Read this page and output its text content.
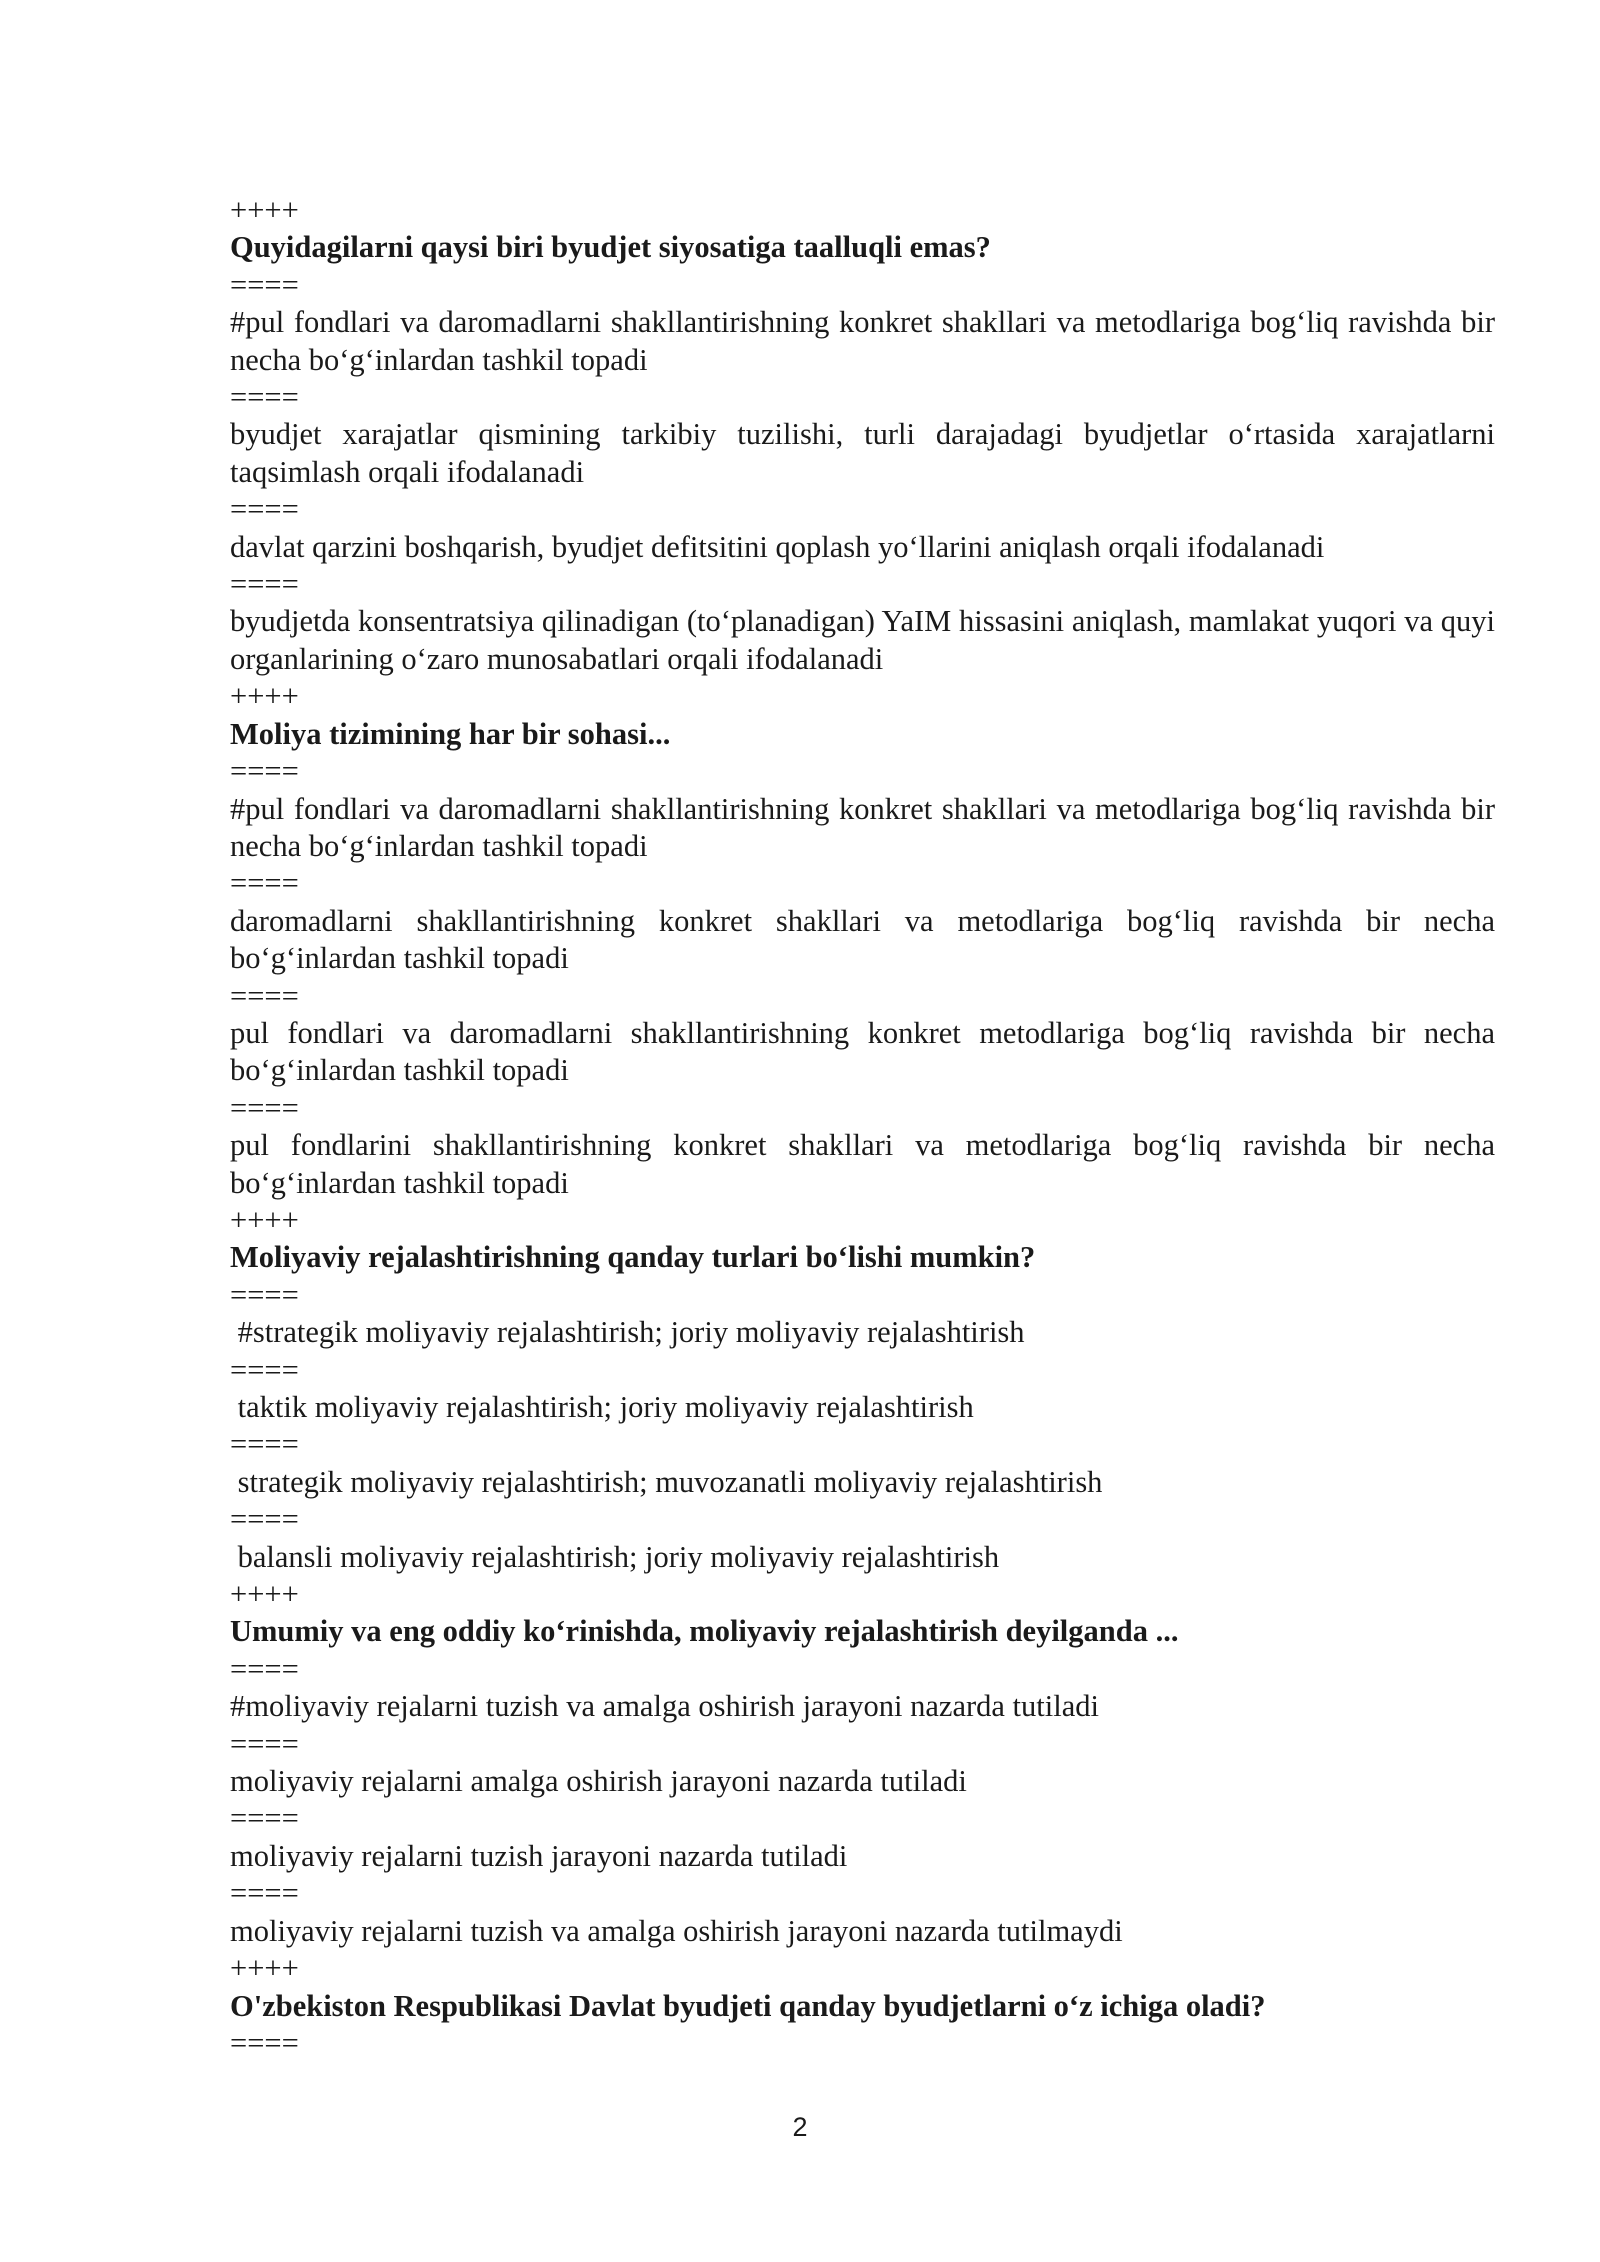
++++
Quyidagilarni qaysi biri byudjet siyosatiga taalluqli emas?
====
#pul fondlari va daromadlarni shakllantirishning konkret shakllari va metodlariga bog‘liq ravishda bir necha bo‘g‘inlardan tashkil topadi
====
byudjet xarajatlar qismining tarkibiy tuzilishi, turli darajadagi byudjetlar o‘rtasida xarajatlarni taqsimlash orqali ifodalanadi
====
davlat qarzini boshqarish, byudjet defitsitini qoplash yo‘llarini aniqlash orqali ifodalanadi
====
byudjetda konsentratsiya qilinadigan (to‘planadigan) YaIM hissasini aniqlash, mamlakat yuqori va quyi organlarining o‘zaro munosabatlari orqali ifodalanadi
++++
Moliya tizimining har bir sohasi...
====
#pul fondlari va daromadlarni shakllantirishning konkret shakllari va metodlariga bog‘liq ravishda bir necha bo‘g‘inlardan tashkil topadi
====
daromadlarni shakllantirishning konkret shakllari va metodlariga bog‘liq ravishda bir necha bo‘g‘inlardan tashkil topadi
====
pul fondlari va daromadlarni shakllantirishning konkret metodlariga bog‘liq ravishda bir necha bo‘g‘inlardan tashkil topadi
====
pul fondlarini shakllantirishning konkret shakllari va metodlariga bog‘liq ravishda bir necha bo‘g‘inlardan tashkil topadi
++++
Moliyaviy rejalashtirishning qanday turlari bo‘lishi mumkin?
====
#strategik moliyaviy rejalashtirish; joriy moliyaviy rejalashtirish
====
taktik moliyaviy rejalashtirish; joriy moliyaviy rejalashtirish
====
strategik moliyaviy rejalashtirish; muvozanatli moliyaviy rejalashtirish
====
balansli moliyaviy rejalashtirish; joriy moliyaviy rejalashtirish
++++
Umumiy va eng oddiy ko‘rinishda, moliyaviy rejalashtirish deyilganda ...
====
#moliyaviy rejalarni tuzish va amalga oshirish jarayoni nazarda tutiladi
====
moliyaviy rejalarni amalga oshirish jarayoni nazarda tutiladi
====
moliyaviy rejalarni tuzish jarayoni nazarda tutiladi
====
moliyaviy rejalarni tuzish va amalga oshirish jarayoni nazarda tutilmaydi
++++
O'zbekiston Respublikasi Davlat byudjeti qanday byudjetlarni o‘z ichiga oladi?
====
2
